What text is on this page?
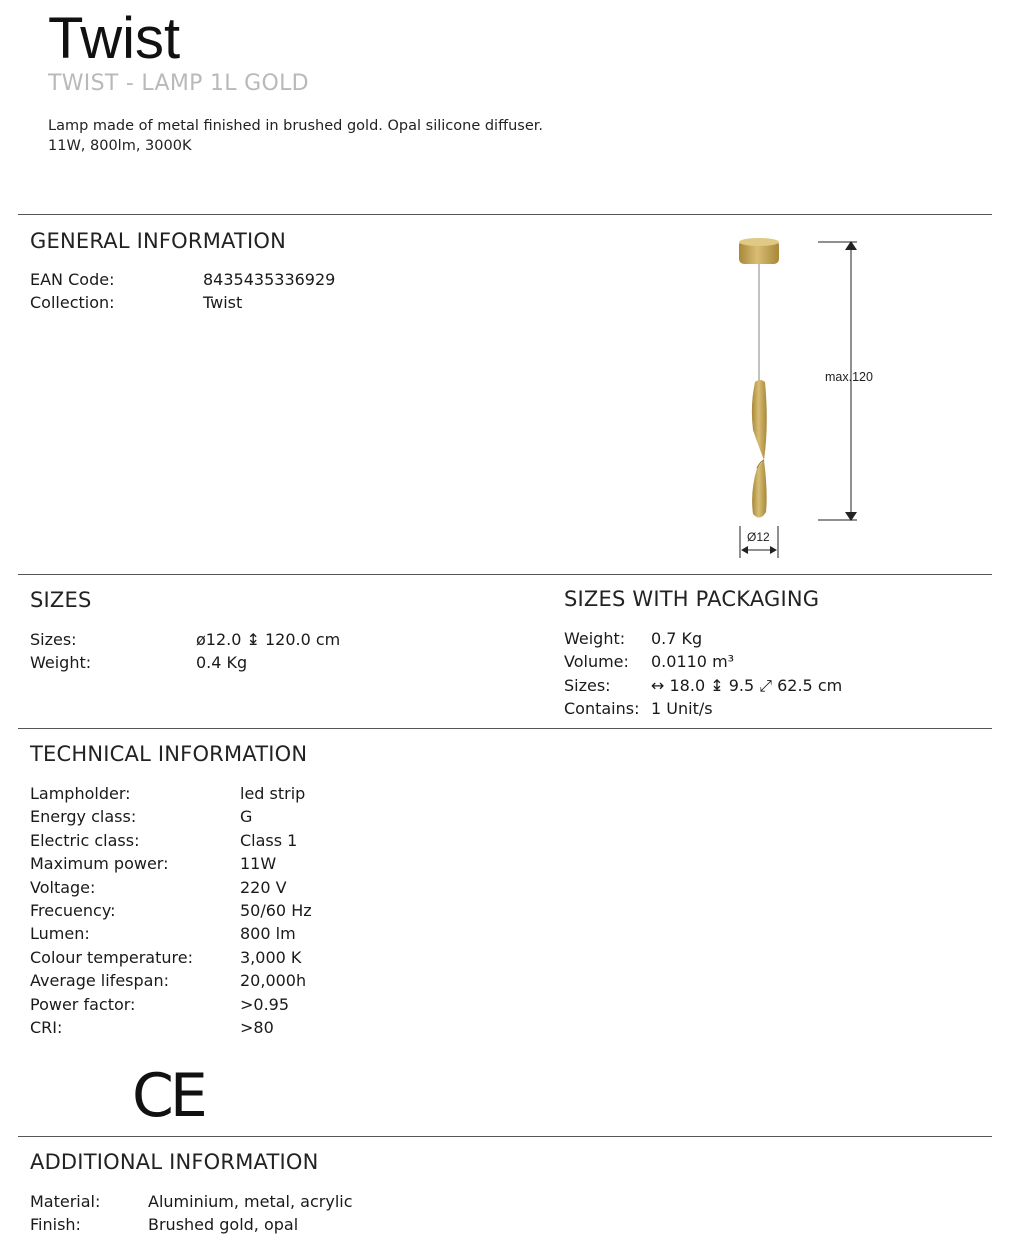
Twist
TWIST - LAMP 1L GOLD
Lamp made of metal finished in brushed gold. Opal silicone diffuser.
11W, 800lm, 3000K
GENERAL INFORMATION
EAN Code:	8435435336929
Collection:	Twist
max.120
Ø12
SIZES
Sizes:	ø12.0 ↨ 120.0 cm
Weight:	0.4 Kg
SIZES WITH PACKAGING
Weight:	0.7 Kg
Volume:	0.0110 m³
Sizes:	↔ 18.0 ↨ 9.5 ⤢ 62.5 cm
Contains: 1 Unit/s
TECHNICAL INFORMATION
Lampholder:	led strip
Energy class:	G
Electric class:	Class 1
Maximum power:	11W
Voltage:	220 V
Frecuency:	50/60 Hz
Lumen:	800 lm
Colour temperature:	3,000 K
Average lifespan:	20,000h
Power factor:	>0.95
CRI:	>80
CE
ADDITIONAL INFORMATION
Material:	Aluminium, metal, acrylic
Finish:	Brushed gold, opal
